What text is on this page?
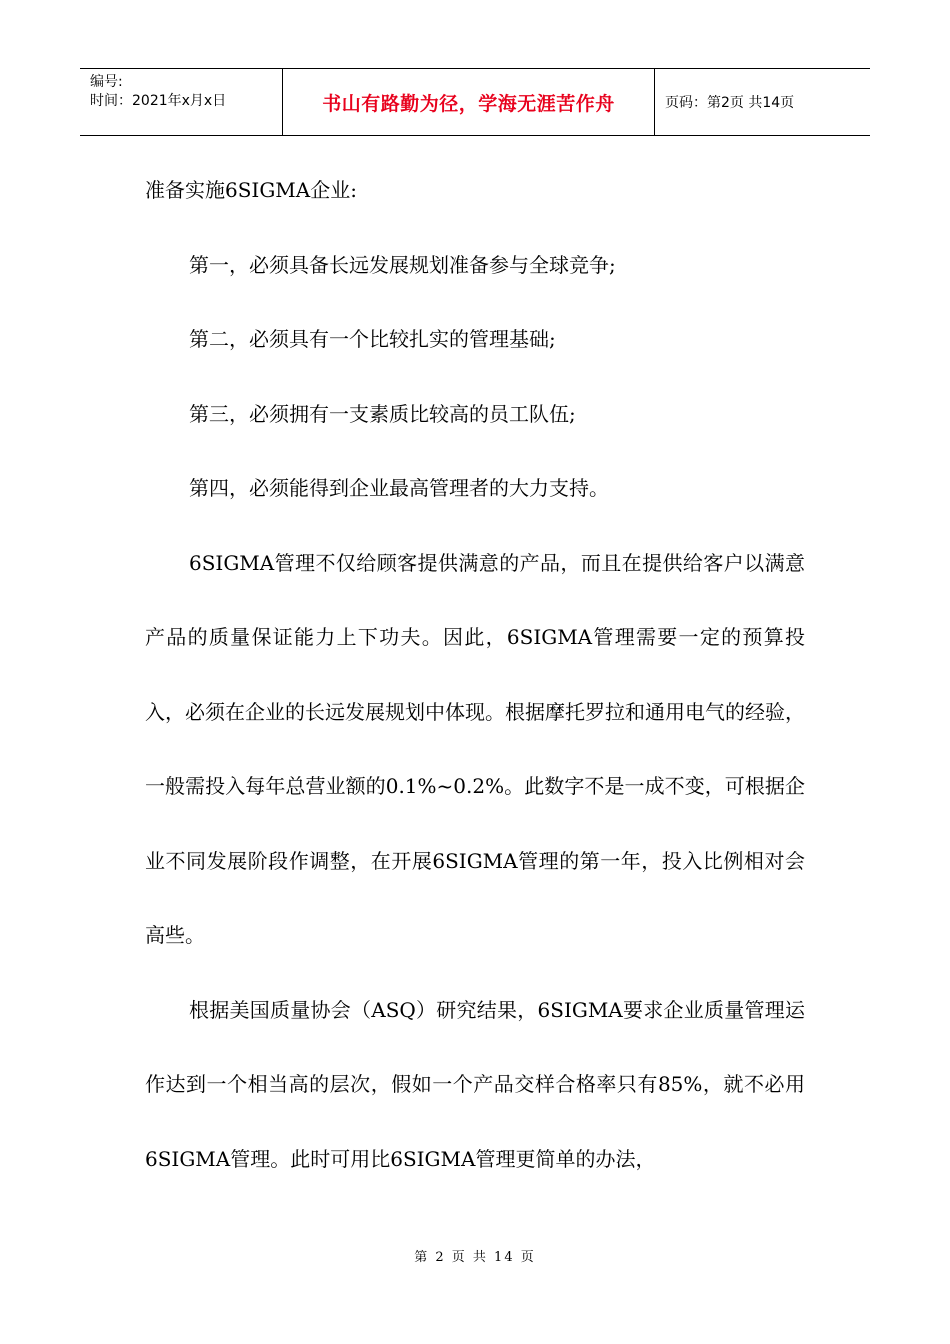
编号:
时间：2021年x月x日	书山有路勤为径，学海无涯苦作舟	页码：第2页 共14页

准备实施6SIGMA企业:

第一，必须具备长远发展规划准备参与全球竞争;

第二，必须具有一个比较扎实的管理基础;

第三，必须拥有一支素质比较高的员工队伍;

第四，必须能得到企业最高管理者的大力支持。

6SIGMA管理不仅给顾客提供满意的产品，而且在提供给客户以满意产品的质量保证能力上下功夫。因此，6SIGMA管理需要一定的预算投入，必须在企业的长远发展规划中体现。根据摩托罗拉和通用电气的经验，一般需投入每年总营业额的0.1%~0.2%。此数字不是一成不变，可根据企业不同发展阶段作调整，在开展6SIGMA管理的第一年，投入比例相对会高些。

根据美国质量协会（ASQ）研究结果，6SIGMA要求企业质量管理运作达到一个相当高的层次，假如一个产品交样合格率只有85%，就不必用6SIGMA管理。此时可用比6SIGMA管理更简单的办法，

第 2 页 共 14 页
